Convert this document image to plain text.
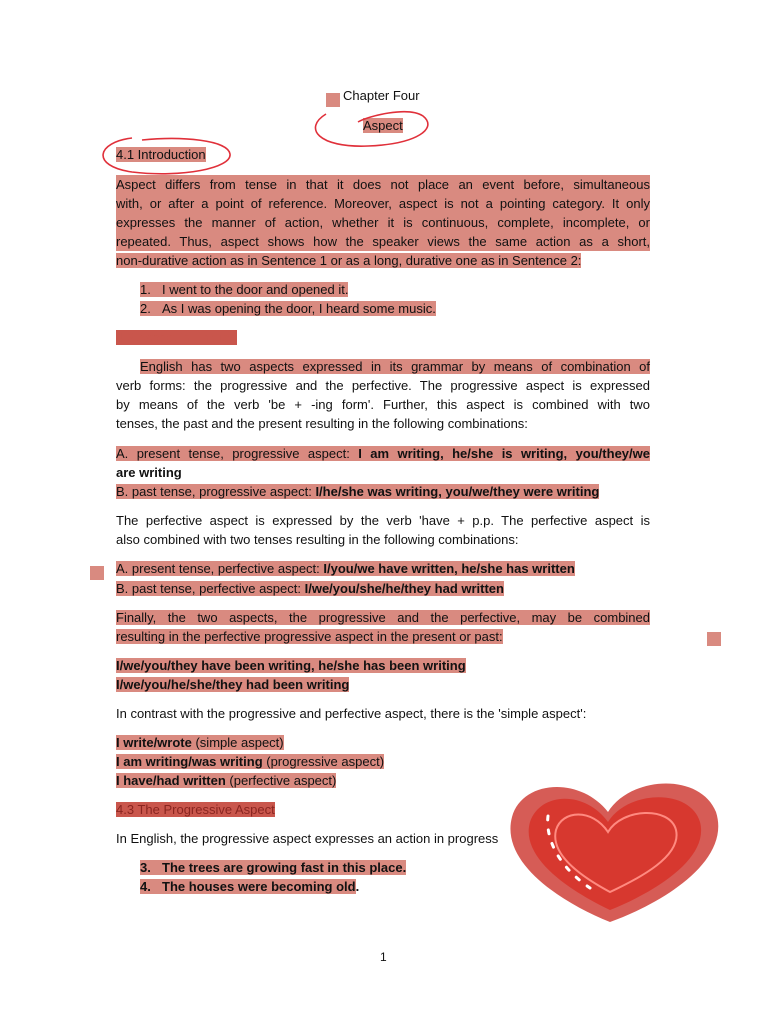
Chapter Four
Aspect
4.1 Introduction
Aspect differs from tense in that it does not place an event before, simultaneous
with, or after a point of reference. Moreover, aspect is not a pointing category. It only
expresses the manner of action, whether it is continuous, complete, incomplete, or
repeated. Thus, aspect shows how the speaker views the same action as a short,
non-durative action as in Sentence 1 or as a long, durative one as in Sentence 2:
1. I went to the door and opened it.
2. As I was opening the door, I heard some music.
4.2 Aspect in English
English has two aspects expressed in its grammar by means of combination of
verb forms: the progressive and the perfective. The progressive aspect is expressed
by means of the verb 'be + -ing form'. Further, this aspect is combined with two
tenses, the past and the present resulting in the following combinations:
A. present tense, progressive aspect: I am writing, he/she is writing, you/they/we
are writing
B. past tense, progressive aspect: I/he/she was writing, you/we/they were writing
The perfective aspect is expressed by the verb 'have + p.p. The perfective aspect is
also combined with two tenses resulting in the following combinations:
A. present tense, perfective aspect: I/you/we have written, he/she has written
B. past tense, perfective aspect: I/we/you/she/he/they had written
Finally, the two aspects, the progressive and the perfective, may be combined
resulting in the perfective progressive aspect in the present or past:
I/we/you/they have been writing, he/she has been writing
I/we/you/he/she/they had been writing
In contrast with the progressive and perfective aspect, there is the 'simple aspect':
I write/wrote (simple aspect)
I am writing/was writing (progressive aspect)
I have/had written (perfective aspect)
4.3 The Progressive Aspect
In English, the progressive aspect expresses an action in progress
3. The trees are growing fast in this place.
4. The houses were becoming old.
1
